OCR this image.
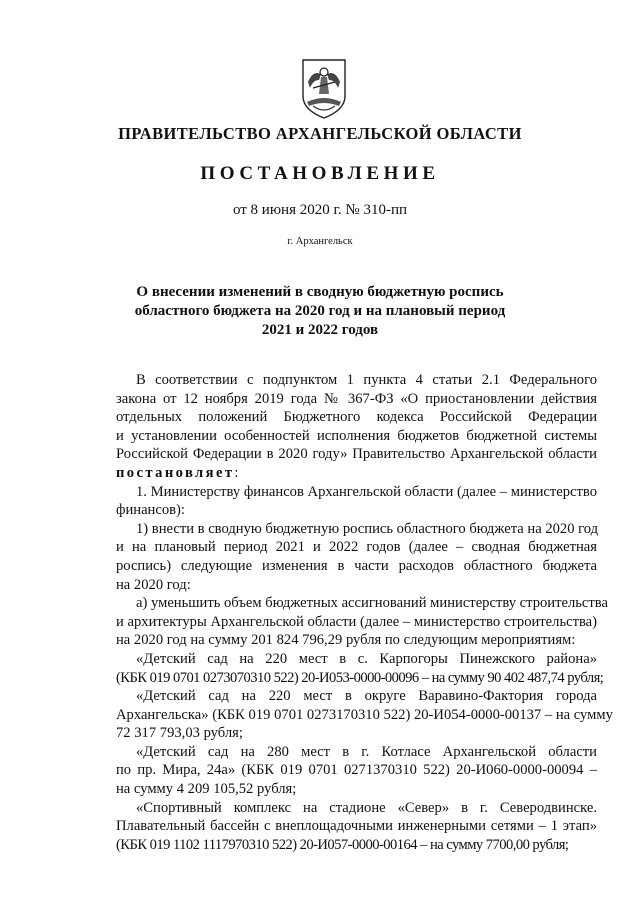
ПРАВИТЕЛЬСТВО АРХАНГЕЛЬСКОЙ ОБЛАСТИ
ПОСТАНОВЛЕНИЕ
от 8 июня 2020 г. № 310-пп
г. Архангельск
О внесении изменений в сводную бюджетную роспись
областного бюджета на 2020 год и на плановый период
2021 и 2022 годов

В соответствии с подпунктом 1 пункта 4 статьи 2.1 Федерального
закона от 12 ноября 2019 года № 367-ФЗ «О приостановлении действия
отдельных положений Бюджетного кодекса Российской Федерации
и установлении особенностей исполнения бюджетов бюджетной системы
Российской Федерации в 2020 году» Правительство Архангельской области
постановляет:

1. Министерству финансов Архангельской области (далее – министерство
финансов):

1) внести в сводную бюджетную роспись областного бюджета на 2020 год
и на плановый период 2021 и 2022 годов (далее – сводная бюджетная
роспись) следующие изменения в части расходов областного бюджета
на 2020 год:

а) уменьшить объем бюджетных ассигнований министерству строительства
и архитектуры Архангельской области (далее – министерство строительства)
на 2020 год на сумму 201 824 796,29 рубля по следующим мероприятиям:

«Детский сад на 220 мест в с. Карпогоры Пинежского района»
(КБК 019 0701 0273070310 522) 20-И053-0000-00096 – на сумму 90 402 487,74 рубля;

«Детский сад на 220 мест в округе Варавино-Фактория города
Архангельска» (КБК 019 0701 0273170310 522) 20-И054-0000-00137 – на сумму
72 317 793,03 рубля;

«Детский сад на 280 мест в г. Котласе Архангельской области
по пр. Мира, 24а» (КБК 019 0701 0271370310 522) 20-И060-0000-00094 –
на сумму 4 209 105,52 рубля;

«Спортивный комплекс на стадионе «Север» в г. Северодвинске.
Плавательный бассейн с внеплощадочными инженерными сетями – 1 этап»
(КБК 019 1102 1117970310 522) 20-И057-0000-00164 – на сумму 7700,00 рубля;
